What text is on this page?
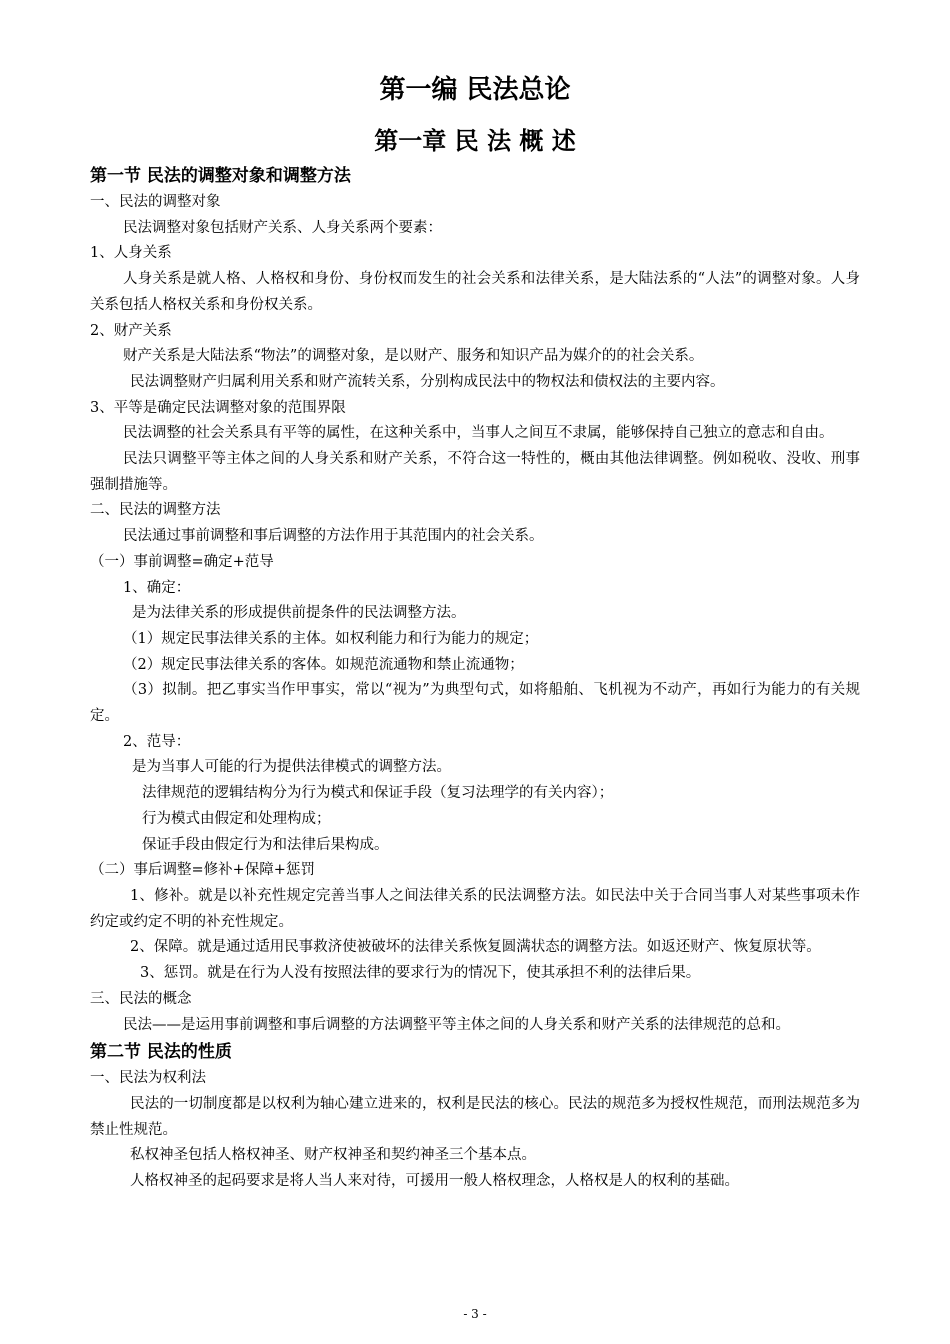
第一编 民法总论
第一章 民 法 概 述

第一节 民法的调整对象和调整方法

一、民法的调整对象

民法调整对象包括财产关系、人身关系两个要素：

1、人身关系

人身关系是就人格、人格权和身份、身份权而发生的社会关系和法律关系，是大陆法系的“人法”的调整对象。人身关系包括人格权关系和身份权关系。

2、财产关系

财产关系是大陆法系“物法”的调整对象，是以财产、服务和知识产品为媒介的的社会关系。

民法调整财产归属利用关系和财产流转关系，分别构成民法中的物权法和债权法的主要内容。

3、平等是确定民法调整对象的范围界限

民法调整的社会关系具有平等的属性，在这种关系中，当事人之间互不隶属，能够保持自己独立的意志和自由。

民法只调整平等主体之间的人身关系和财产关系，不符合这一特性的，概由其他法律调整。例如税收、没收、刑事强制措施等。

二、民法的调整方法

民法通过事前调整和事后调整的方法作用于其范围内的社会关系。

（一）事前调整=确定+范导

1、确定：

是为法律关系的形成提供前提条件的民法调整方法。

（1）规定民事法律关系的主体。如权利能力和行为能力的规定；

（2）规定民事法律关系的客体。如规范流通物和禁止流通物；

（3）拟制。把乙事实当作甲事实，常以“视为”为典型句式，如将船舶、飞机视为不动产，再如行为能力的有关规定。

2、范导：

是为当事人可能的行为提供法律模式的调整方法。

法律规范的逻辑结构分为行为模式和保证手段（复习法理学的有关内容）；

行为模式由假定和处理构成；

保证手段由假定行为和法律后果构成。

（二）事后调整=修补+保障+惩罚

1、修补。就是以补充性规定完善当事人之间法律关系的民法调整方法。如民法中关于合同当事人对某些事项未作约定或约定不明的补充性规定。

2、保障。就是通过适用民事救济使被破坏的法律关系恢复圆满状态的调整方法。如返还财产、恢复原状等。

3、惩罚。就是在行为人没有按照法律的要求行为的情况下，使其承担不利的法律后果。

三、民法的概念

民法——是运用事前调整和事后调整的方法调整平等主体之间的人身关系和财产关系的法律规范的总和。

第二节 民法的性质

一、民法为权利法

民法的一切制度都是以权利为轴心建立进来的，权利是民法的核心。民法的规范多为授权性规范，而刑法规范多为禁止性规范。

私权神圣包括人格权神圣、财产权神圣和契约神圣三个基本点。

人格权神圣的起码要求是将人当人来对待，可援用一般人格权理念，人格权是人的权利的基础。

- 3 -
